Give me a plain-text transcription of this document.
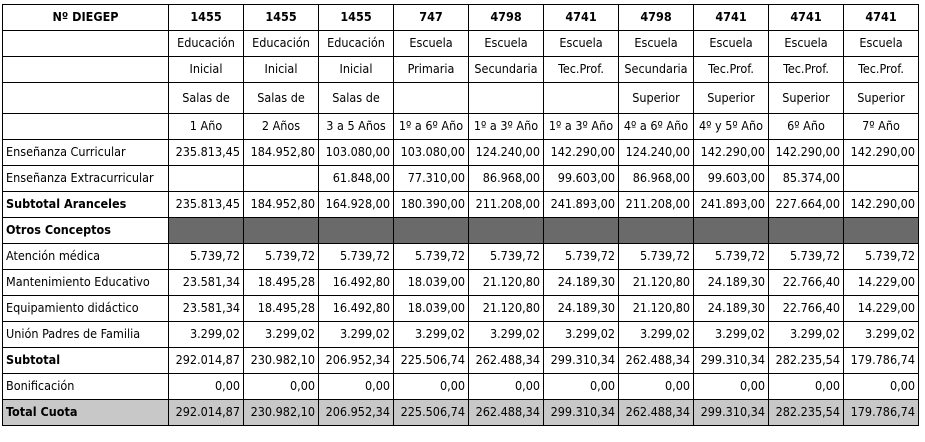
Nº DIEGEP	1455	1455	1455	747	4798	4741	4798	4741	4741	4741
	Educación	Educación	Educación	Escuela	Escuela	Escuela	Escuela	Escuela	Escuela	Escuela
	Inicial	Inicial	Inicial	Primaria	Secundaria	Tec.Prof.	Secundaria	Tec.Prof.	Tec.Prof.	Tec.Prof.
	Salas de	Salas de	Salas de				Superior	Superior	Superior	Superior
	1 Año	2 Años	3 a 5 Años	1º a 6º Año	1º a 3º Año	1º a 3º Año	4º a 6º Año	4º y 5º Año	6º Año	7º Año
Enseñanza Curricular	235.813,45	184.952,80	103.080,00	103.080,00	124.240,00	142.290,00	124.240,00	142.290,00	142.290,00	142.290,00
Enseñanza Extracurricular			61.848,00	77.310,00	86.968,00	99.603,00	86.968,00	99.603,00	85.374,00	
Subtotal Aranceles	235.813,45	184.952,80	164.928,00	180.390,00	211.208,00	241.893,00	211.208,00	241.893,00	227.664,00	142.290,00
Otros Conceptos										
Atención médica	5.739,72	5.739,72	5.739,72	5.739,72	5.739,72	5.739,72	5.739,72	5.739,72	5.739,72	5.739,72
Mantenimiento Educativo	23.581,34	18.495,28	16.492,80	18.039,00	21.120,80	24.189,30	21.120,80	24.189,30	22.766,40	14.229,00
Equipamiento didáctico	23.581,34	18.495,28	16.492,80	18.039,00	21.120,80	24.189,30	21.120,80	24.189,30	22.766,40	14.229,00
Unión Padres de Familia	3.299,02	3.299,02	3.299,02	3.299,02	3.299,02	3.299,02	3.299,02	3.299,02	3.299,02	3.299,02
Subtotal	292.014,87	230.982,10	206.952,34	225.506,74	262.488,34	299.310,34	262.488,34	299.310,34	282.235,54	179.786,74
Bonificación	0,00	0,00	0,00	0,00	0,00	0,00	0,00	0,00	0,00	0,00
Total Cuota	292.014,87	230.982,10	206.952,34	225.506,74	262.488,34	299.310,34	262.488,34	299.310,34	282.235,54	179.786,74
